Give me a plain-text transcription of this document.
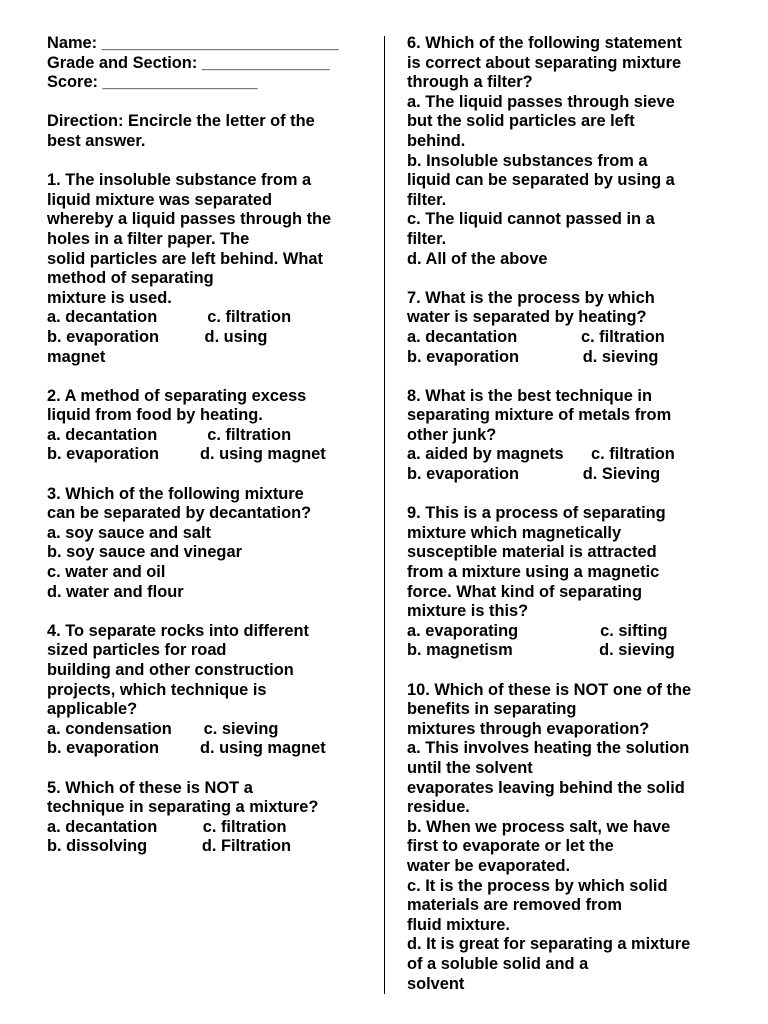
Name: __________________________
Grade and Section: ______________
Score: _________________
Direction: Encircle the letter of the
best answer.
1. The insoluble substance from a
liquid mixture was separated
whereby a liquid passes through the
holes in a filter paper. The
solid particles are left behind. What
method of separating
mixture is used.
a. decantation           c. filtration
b. evaporation          d. using
magnet
2. A method of separating excess
liquid from food by heating.
a. decantation           c. filtration
b. evaporation         d. using magnet
3. Which of the following mixture
can be separated by decantation?
a. soy sauce and salt
b. soy sauce and vinegar
c. water and oil
d. water and flour
4. To separate rocks into different
sized particles for road
building and other construction
projects, which technique is
applicable?
a. condensation       c. sieving
b. evaporation         d. using magnet
5. Which of these is NOT a
technique in separating a mixture?
a. decantation          c. filtration
b. dissolving            d. Filtration
6. Which of the following statement
is correct about separating mixture
through a filter?
a. The liquid passes through sieve
but the solid particles are left
behind.
b. Insoluble substances from a
liquid can be separated by using a
filter.
c. The liquid cannot passed in a
filter.
d. All of the above
7. What is the process by which
water is separated by heating?
a. decantation              c. filtration
b. evaporation              d. sieving
8. What is the best technique in
separating mixture of metals from
other junk?
a. aided by magnets      c. filtration
b. evaporation              d. Sieving
9. This is a process of separating
mixture which magnetically
susceptible material is attracted
from a mixture using a magnetic
force. What kind of separating
mixture is this?
a. evaporating                  c. sifting
b. magnetism                   d. sieving
10. Which of these is NOT one of the
benefits in separating
mixtures through evaporation?
a. This involves heating the solution
until the solvent
evaporates leaving behind the solid
residue.
b. When we process salt, we have
first to evaporate or let the
water be evaporated.
c. It is the process by which solid
materials are removed from
fluid mixture.
d. It is great for separating a mixture
of a soluble solid and a
solvent
